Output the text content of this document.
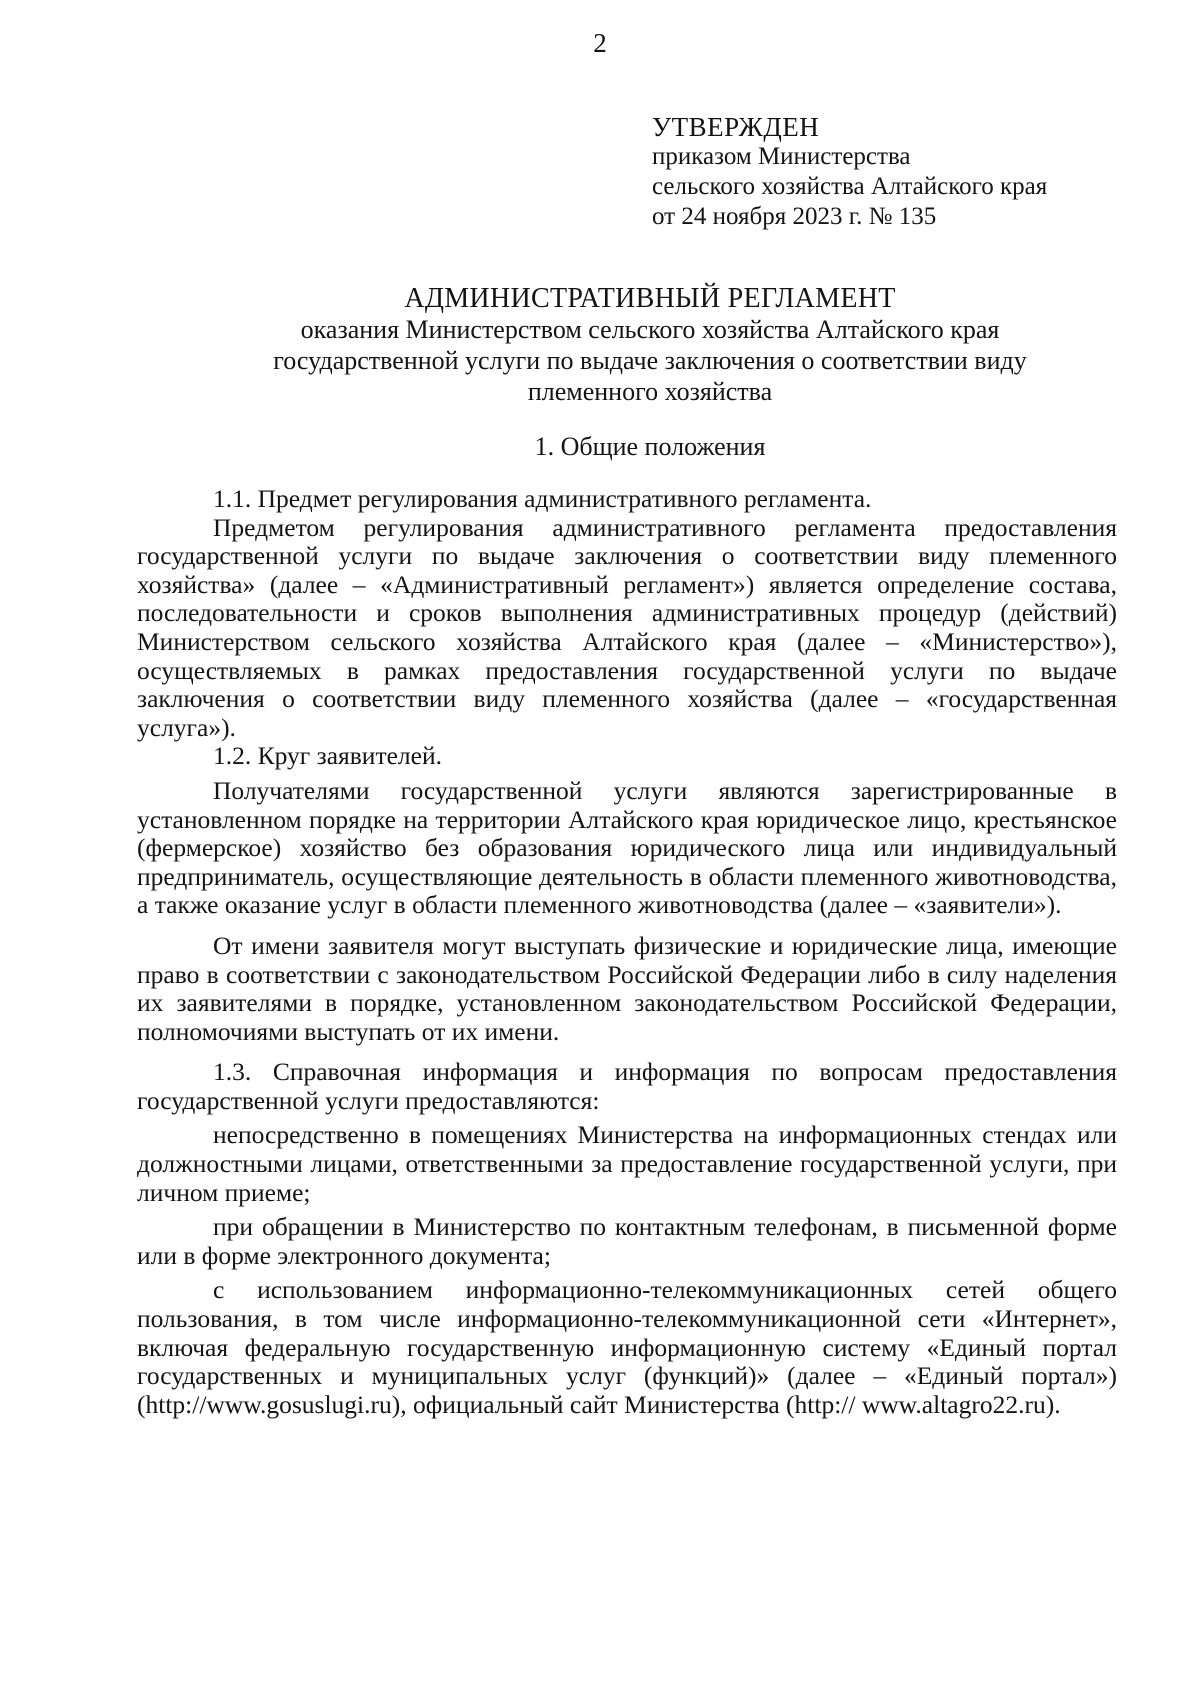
2

УТВЕРЖДЕН
приказом Министерства
сельского хозяйства Алтайского края
от 24 ноября 2023 г. № 135
АДМИНИСТРАТИВНЫЙ РЕГЛАМЕНТ
оказания Министерством сельского хозяйства Алтайского края
государственной услуги по выдаче заключения о соответствии виду
племенного хозяйства

1. Общие положения

1.1. Предмет регулирования административного регламента.

Предметом регулирования административного регламента предоставления государственной услуги по выдаче заключения о соответствии виду племенного хозяйства» (далее – «Административный регламент») является определение состава, последовательности и сроков выполнения административных процедур (действий) Министерством сельского хозяйства Алтайского края (далее – «Министерство»), осуществляемых в рамках предоставления государственной услуги по выдаче заключения о соответствии виду племенного хозяйства (далее – «государственная услуга»).

1.2. Круг заявителей.

Получателями государственной услуги являются зарегистрированные в установленном порядке на территории Алтайского края юридическое лицо, крестьянское (фермерское) хозяйство без образования юридического лица или индивидуальный предприниматель, осуществляющие деятельность в области племенного животноводства, а также оказание услуг в области племенного животноводства (далее – «заявители»).

От имени заявителя могут выступать физические и юридические лица, имеющие право в соответствии с законодательством Российской Федерации либо в силу наделения их заявителями в порядке, установленном законодательством Российской Федерации, полномочиями выступать от их имени.

1.3. Справочная информация и информация по вопросам предоставления государственной услуги предоставляются:

непосредственно в помещениях Министерства на информационных стендах или должностными лицами, ответственными за предоставление государственной услуги, при личном приеме;

при обращении в Министерство по контактным телефонам, в письменной форме или в форме электронного документа;

с использованием информационно-телекоммуникационных сетей общего пользования, в том числе информационно-телекоммуникационной сети «Интернет», включая федеральную государственную информационную систему «Единый портал государственных и муниципальных услуг (функций)» (далее – «Единый портал») (http://www.gosuslugi.ru), официальный сайт Министерства (http:// www.altagro22.ru).
